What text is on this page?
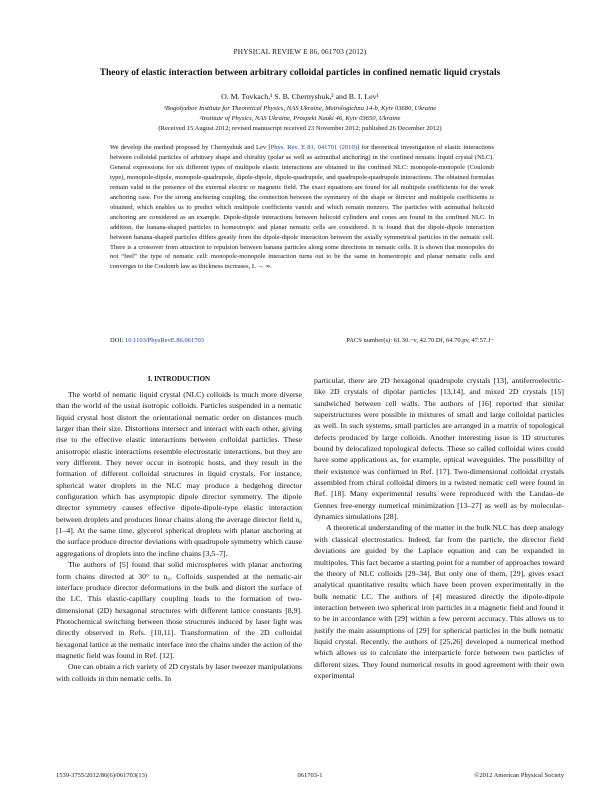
PHYSICAL REVIEW E 86, 061703 (2012)
Theory of elastic interaction between arbitrary colloidal particles in confined nematic liquid crystals
O. M. Tovkach,¹ S. B. Chernyshuk,² and B. I. Lev¹
¹Bogolyubov Institute for Theoretical Physics, NAS Ukraine, Metrologichna 14-b, Kyiv 03680, Ukraine
²Institute of Physics, NAS Ukraine, Prospekt Nauki 46, Kyiv 03650, Ukraine
(Received 15 August 2012; revised manuscript received 23 November 2012; published 26 December 2012)
We develop the method proposed by Chernyshuk and Lev [Phys. Rev. E 81, 041701 (2010)] for theoretical investigation of elastic interactions between colloidal particles of arbitrary shape and chirality (polar as well as azimuthal anchoring) in the confined nematic liquid crystal (NLC). General expressions for six different types of multipole elastic interactions are obtained in the confined NLC: monopole-monopole (Coulomb type), monopole-dipole, monopole-quadrupole, dipole-dipole, dipole-quadrupole, and quadrupole-quadrupole interactions. The obtained formulas remain valid in the presence of the external electric or magnetic field. The exact equations are found for all multipole coefficients for the weak anchoring case. For the strong anchoring coupling, the connection between the symmetry of the shape or director and multipole coefficients is obtained, which enables us to predict which multipole coefficients vanish and which remain nonzero. The particles with azimuthal helicoid anchoring are considered as an example. Dipole-dipole interactions between helicoid cylinders and cones are found in the confined NLC. In addition, the banana-shaped particles in homeotropic and planar nematic cells are considered. It is found that the dipole-dipole interaction between banana-shaped particles differs greatly from the dipole-dipole interaction between the axially symmetrical particles in the nematic cell. There is a crossover from attraction to repulsion between banana particles along some directions in nematic cells. It is shown that monopoles do not “feel” the type of nematic cell: monopole-monopole interaction turns out to be the same in homeotropic and planar nematic cells and converges to the Coulomb law as thickness increases, L → ∞.
DOI: 10.1103/PhysRevE.86.061703	PACS number(s): 61.30.−v, 42.70.Df, 64.70.pv, 47.57.J−
I. INTRODUCTION

The world of nematic liquid crystal (NLC) colloids is much more diverse than the world of the usual isotropic colloids. Particles suspended in a nematic liquid crystal host distort the orientational nematic order on distances much larger than their size. Distortions intersect and interact with each other, giving rise to the effective elastic interactions between colloidal particles. These anisotropic elastic interactions resemble electrostatic interactions, but they are very different. They never occur in isotropic hosts, and they result in the formation of different colloidal structures in liquid crystals. For instance, spherical water droplets in the NLC may produce a hedgehog director configuration which has asymptopic dipole director symmetry. The dipole director symmetry causes effective dipole-dipole-type elastic interaction between droplets and produces linear chains along the average director field n₀ [1–4]. At the same time, glycerol spherical droplets with planar anchoring at the surface produce director deviations with quadrupole symmetry which cause aggregations of droplets into the incline chains [3,5–7].

The authors of [5] found that solid microspheres with planar anchoring form chains directed at 30° to n₀. Colloids suspended at the nematic-air interface produce director deformations in the bulk and distort the surface of the LC. This elastic-capillary coupling leads to the formation of two-dimensional (2D) hexagonal structures with different lattice constants [8,9]. Photochemical switching between those structures induced by laser light was directly observed in Refs. [10,11]. Transformation of the 2D colloidal hexagonal lattice at the nematic interface into the chains under the action of the magnetic field was found in Ref. [12].

One can obtain a rich variety of 2D crystals by laser tweezer manipulations with colloids in thin nematic cells. In

particular, there are 2D hexagonal quadrupole crystals [13], antiferroelectric-like 2D crystals of dipolar particles [13,14], and mixed 2D crystals [15] sandwiched between cell walls. The authors of [16] reported that similar superstructures were possible in mixtures of small and large colloidal particles as well. In such systems, small particles are arranged in a matrix of topological defects produced by large colloids. Another interesting issue is 1D structures bound by delocalized topological defects. These so called colloidal wires could have some applications as, for example, optical waveguides. The possibility of their existence was confirmed in Ref. [17]. Two-dimensional colloidal crystals assembled from chiral colloidal dimers in a twisted nematic cell were found in Ref. [18]. Many experimental results were reproduced with the Landau–de Gennes free-energy numerical minimization [13–27] as well as by molecular-dynamics simulations [28].

A theoretical understanding of the matter in the bulk NLC has deep analogy with classical electrostatics. Indeed, far from the particle, the director field deviations are guided by the Laplace equation and can be expanded in multipoles. This fact became a starting point for a number of approaches toward the theory of NLC colloids [29–34]. But only one of them, [29], gives exact analytical quantitative results which have been proven experimentally in the bulk nematic LC. The authors of [4] measured directly the dipole-dipole interaction between two spherical iron particles in a magnetic field and found it to be in accordance with [29] within a few percent accuracy. This allows us to justify the main assumptions of [29] for spherical particles in the bulk nematic liquid crystal. Recently, the authors of [25,26] developed a numerical method which allows us to calculate the interparticle force between two particles of different sizes. They found numerical results in good agreement with their own experimental

1539-3755/2012/86(6)/061703(13)	061703-1	©2012 American Physical Society
